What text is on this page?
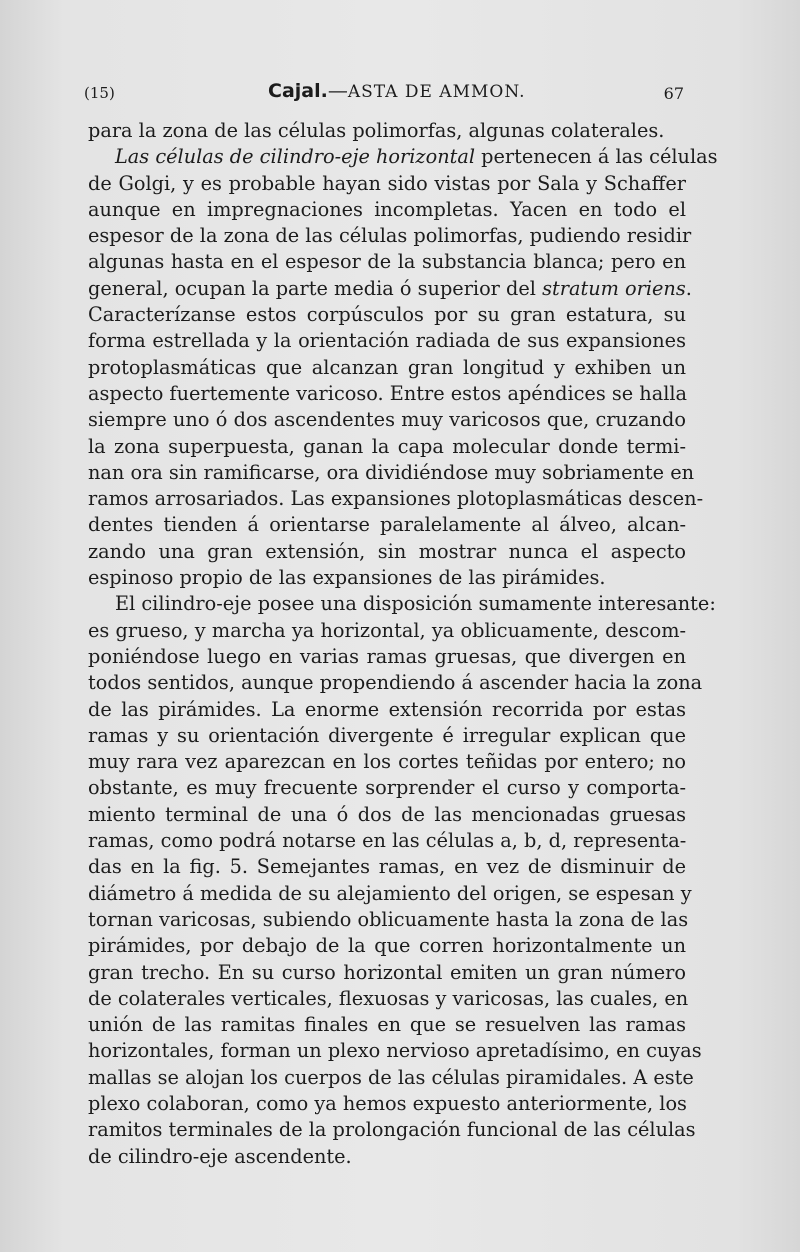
(15)	Cajal.—ASTA DE AMMON.	67

para la zona de las células polimorfas, algunas colaterales.

Las células de cilindro-eje horizontal pertenecen á las células
de Golgi, y es probable hayan sido vistas por Sala y Schaffer
aunque en impregnaciones incompletas. Yacen en todo el
espesor de la zona de las células polimorfas, pudiendo residir
algunas hasta en el espesor de la substancia blanca; pero en
general, ocupan la parte media ó superior del stratum oriens.
Caracterízanse estos corpúsculos por su gran estatura, su
forma estrellada y la orientación radiada de sus expansiones
protoplasmáticas que alcanzan gran longitud y exhiben un
aspecto fuertemente varicoso. Entre estos apéndices se halla
siempre uno ó dos ascendentes muy varicosos que, cruzando
la zona superpuesta, ganan la capa molecular donde termi-
nan ora sin ramificarse, ora dividiéndose muy sobriamente en
ramos arrosariados. Las expansiones plotoplasmáticas descen-
dentes tienden á orientarse paralelamente al álveo, alcan-
zando una gran extensión, sin mostrar nunca el aspecto
espinoso propio de las expansiones de las pirámides.

El cilindro-eje posee una disposición sumamente interesante:
es grueso, y marcha ya horizontal, ya oblicuamente, descom-
poniéndose luego en varias ramas gruesas, que divergen en
todos sentidos, aunque propendiendo á ascender hacia la zona
de las pirámides. La enorme extensión recorrida por estas
ramas y su orientación divergente é irregular explican que
muy rara vez aparezcan en los cortes teñidas por entero; no
obstante, es muy frecuente sorprender el curso y comporta-
miento terminal de una ó dos de las mencionadas gruesas
ramas, como podrá notarse en las células a, b, d, representa-
das en la fig. 5. Semejantes ramas, en vez de disminuir de
diámetro á medida de su alejamiento del origen, se espesan y
tornan varicosas, subiendo oblicuamente hasta la zona de las
pirámides, por debajo de la que corren horizontalmente un
gran trecho. En su curso horizontal emiten un gran número
de colaterales verticales, flexuosas y varicosas, las cuales, en
unión de las ramitas finales en que se resuelven las ramas
horizontales, forman un plexo nervioso apretadísimo, en cuyas
mallas se alojan los cuerpos de las células piramidales. A este
plexo colaboran, como ya hemos expuesto anteriormente, los
ramitos terminales de la prolongación funcional de las células
de cilindro-eje ascendente.
